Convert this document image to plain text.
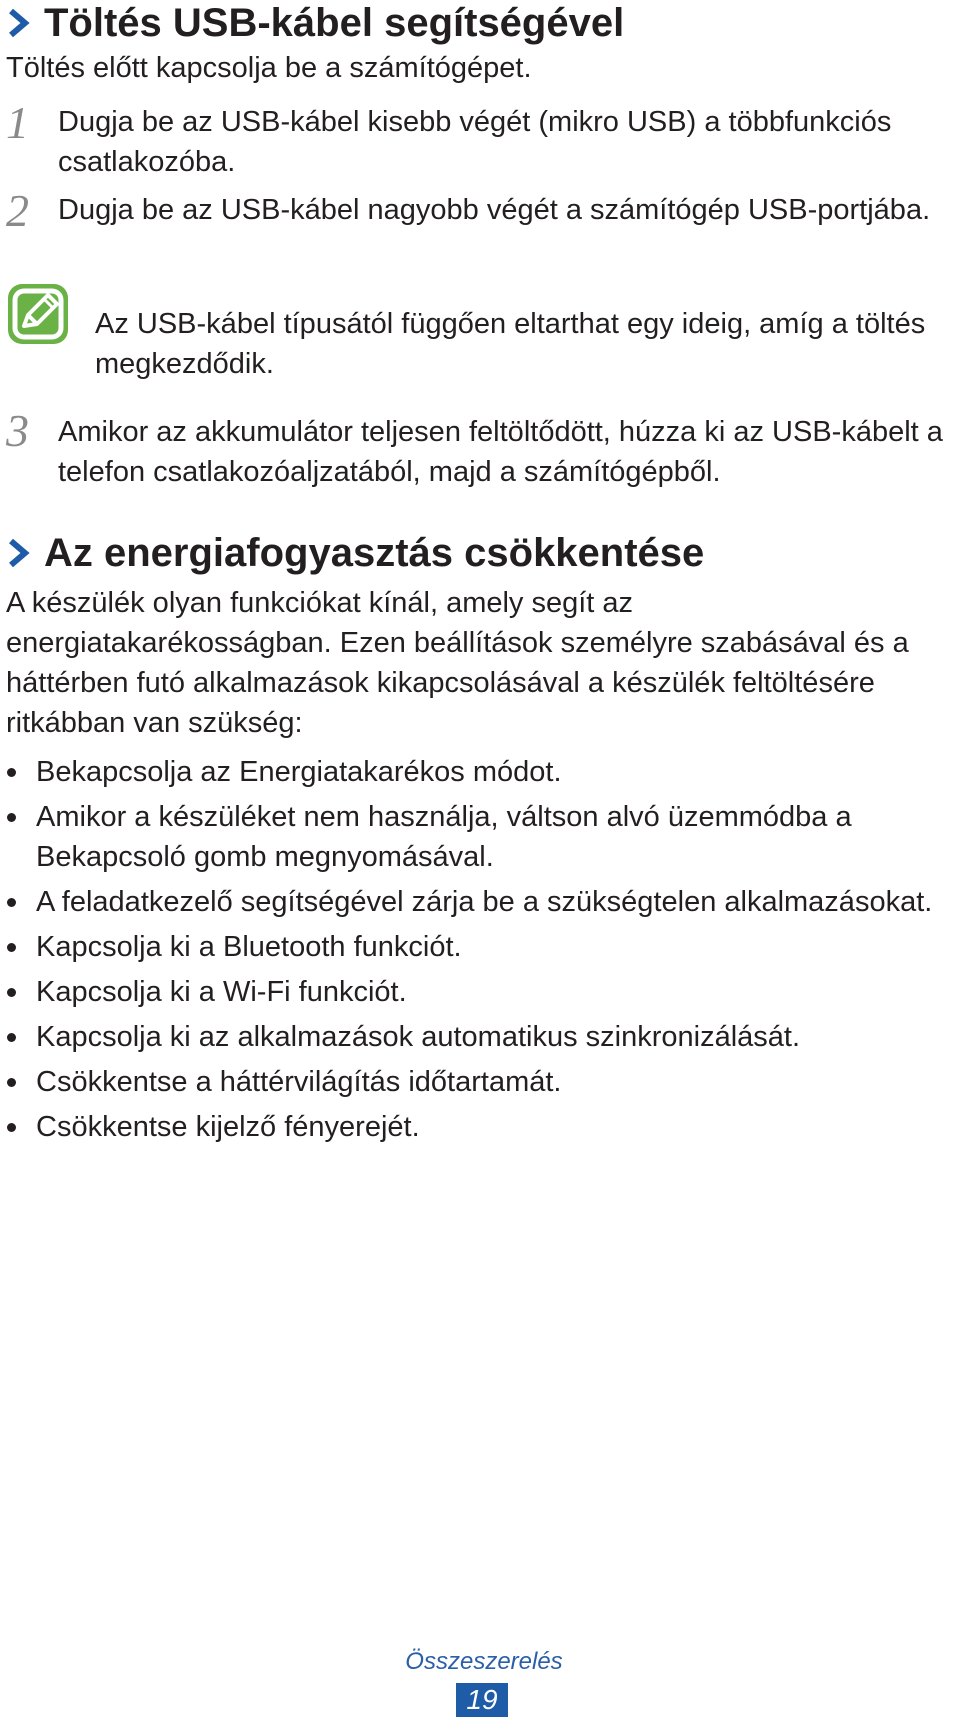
Töltés USB-kábel segítségével
Töltés előtt kapcsolja be a számítógépet.
1 Dugja be az USB-kábel kisebb végét (mikro USB) a többfunkciós csatlakozóba.
2 Dugja be az USB-kábel nagyobb végét a számítógép USB-portjába.
Az USB-kábel típusától függően eltarthat egy ideig, amíg a töltés megkezdődik.
3 Amikor az akkumulátor teljesen feltöltődött, húzza ki az USB-kábelt a telefon csatlakozóaljzatából, majd a számítógépből.
Az energiafogyasztás csökkentése
A készülék olyan funkciókat kínál, amely segít az energiatakarékosságban. Ezen beállítások személyre szabásával és a háttérben futó alkalmazások kikapcsolásával a készülék feltöltésére ritkábban van szükség:
Bekapcsolja az Energiatakarékos módot.
Amikor a készüléket nem használja, váltson alvó üzemmódba a Bekapcsoló gomb megnyomásával.
A feladatkezelő segítségével zárja be a szükségtelen alkalmazásokat.
Kapcsolja ki a Bluetooth funkciót.
Kapcsolja ki a Wi-Fi funkciót.
Kapcsolja ki az alkalmazások automatikus szinkronizálását.
Csökkentse a háttérvilágítás időtartamát.
Csökkentse kijelző fényerejét.
Összeszerelés
19
